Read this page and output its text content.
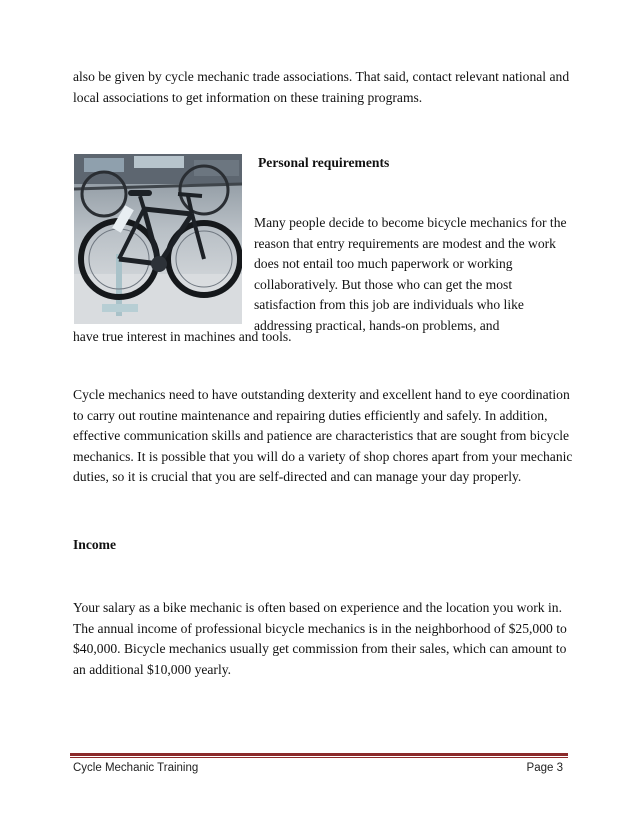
also be given by cycle mechanic trade associations. That said, contact relevant national and local associations to get information on these training programs.

Personal requirements

Many people decide to become bicycle mechanics for the reason that entry requirements are modest and the work does not entail too much paperwork or working collaboratively. But those who can get the most satisfaction from this job are individuals who like addressing practical, hands-on problems, and

have true interest in machines and tools.

Cycle mechanics need to have outstanding dexterity and excellent hand to eye coordination to carry out routine maintenance and repairing duties efficiently and safely. In addition, effective communication skills and patience are characteristics that are sought from bicycle mechanics. It is possible that you will do a variety of shop chores apart from your mechanic duties, so it is crucial that you are self-directed and can manage your day properly.

Income

Your salary as a bike mechanic is often based on experience and the location you work in. The annual income of professional bicycle mechanics is in the neighborhood of $25,000 to $40,000. Bicycle mechanics usually get commission from their sales, which can amount to an additional $10,000 yearly.

Cycle Mechanic Training	Page 3
